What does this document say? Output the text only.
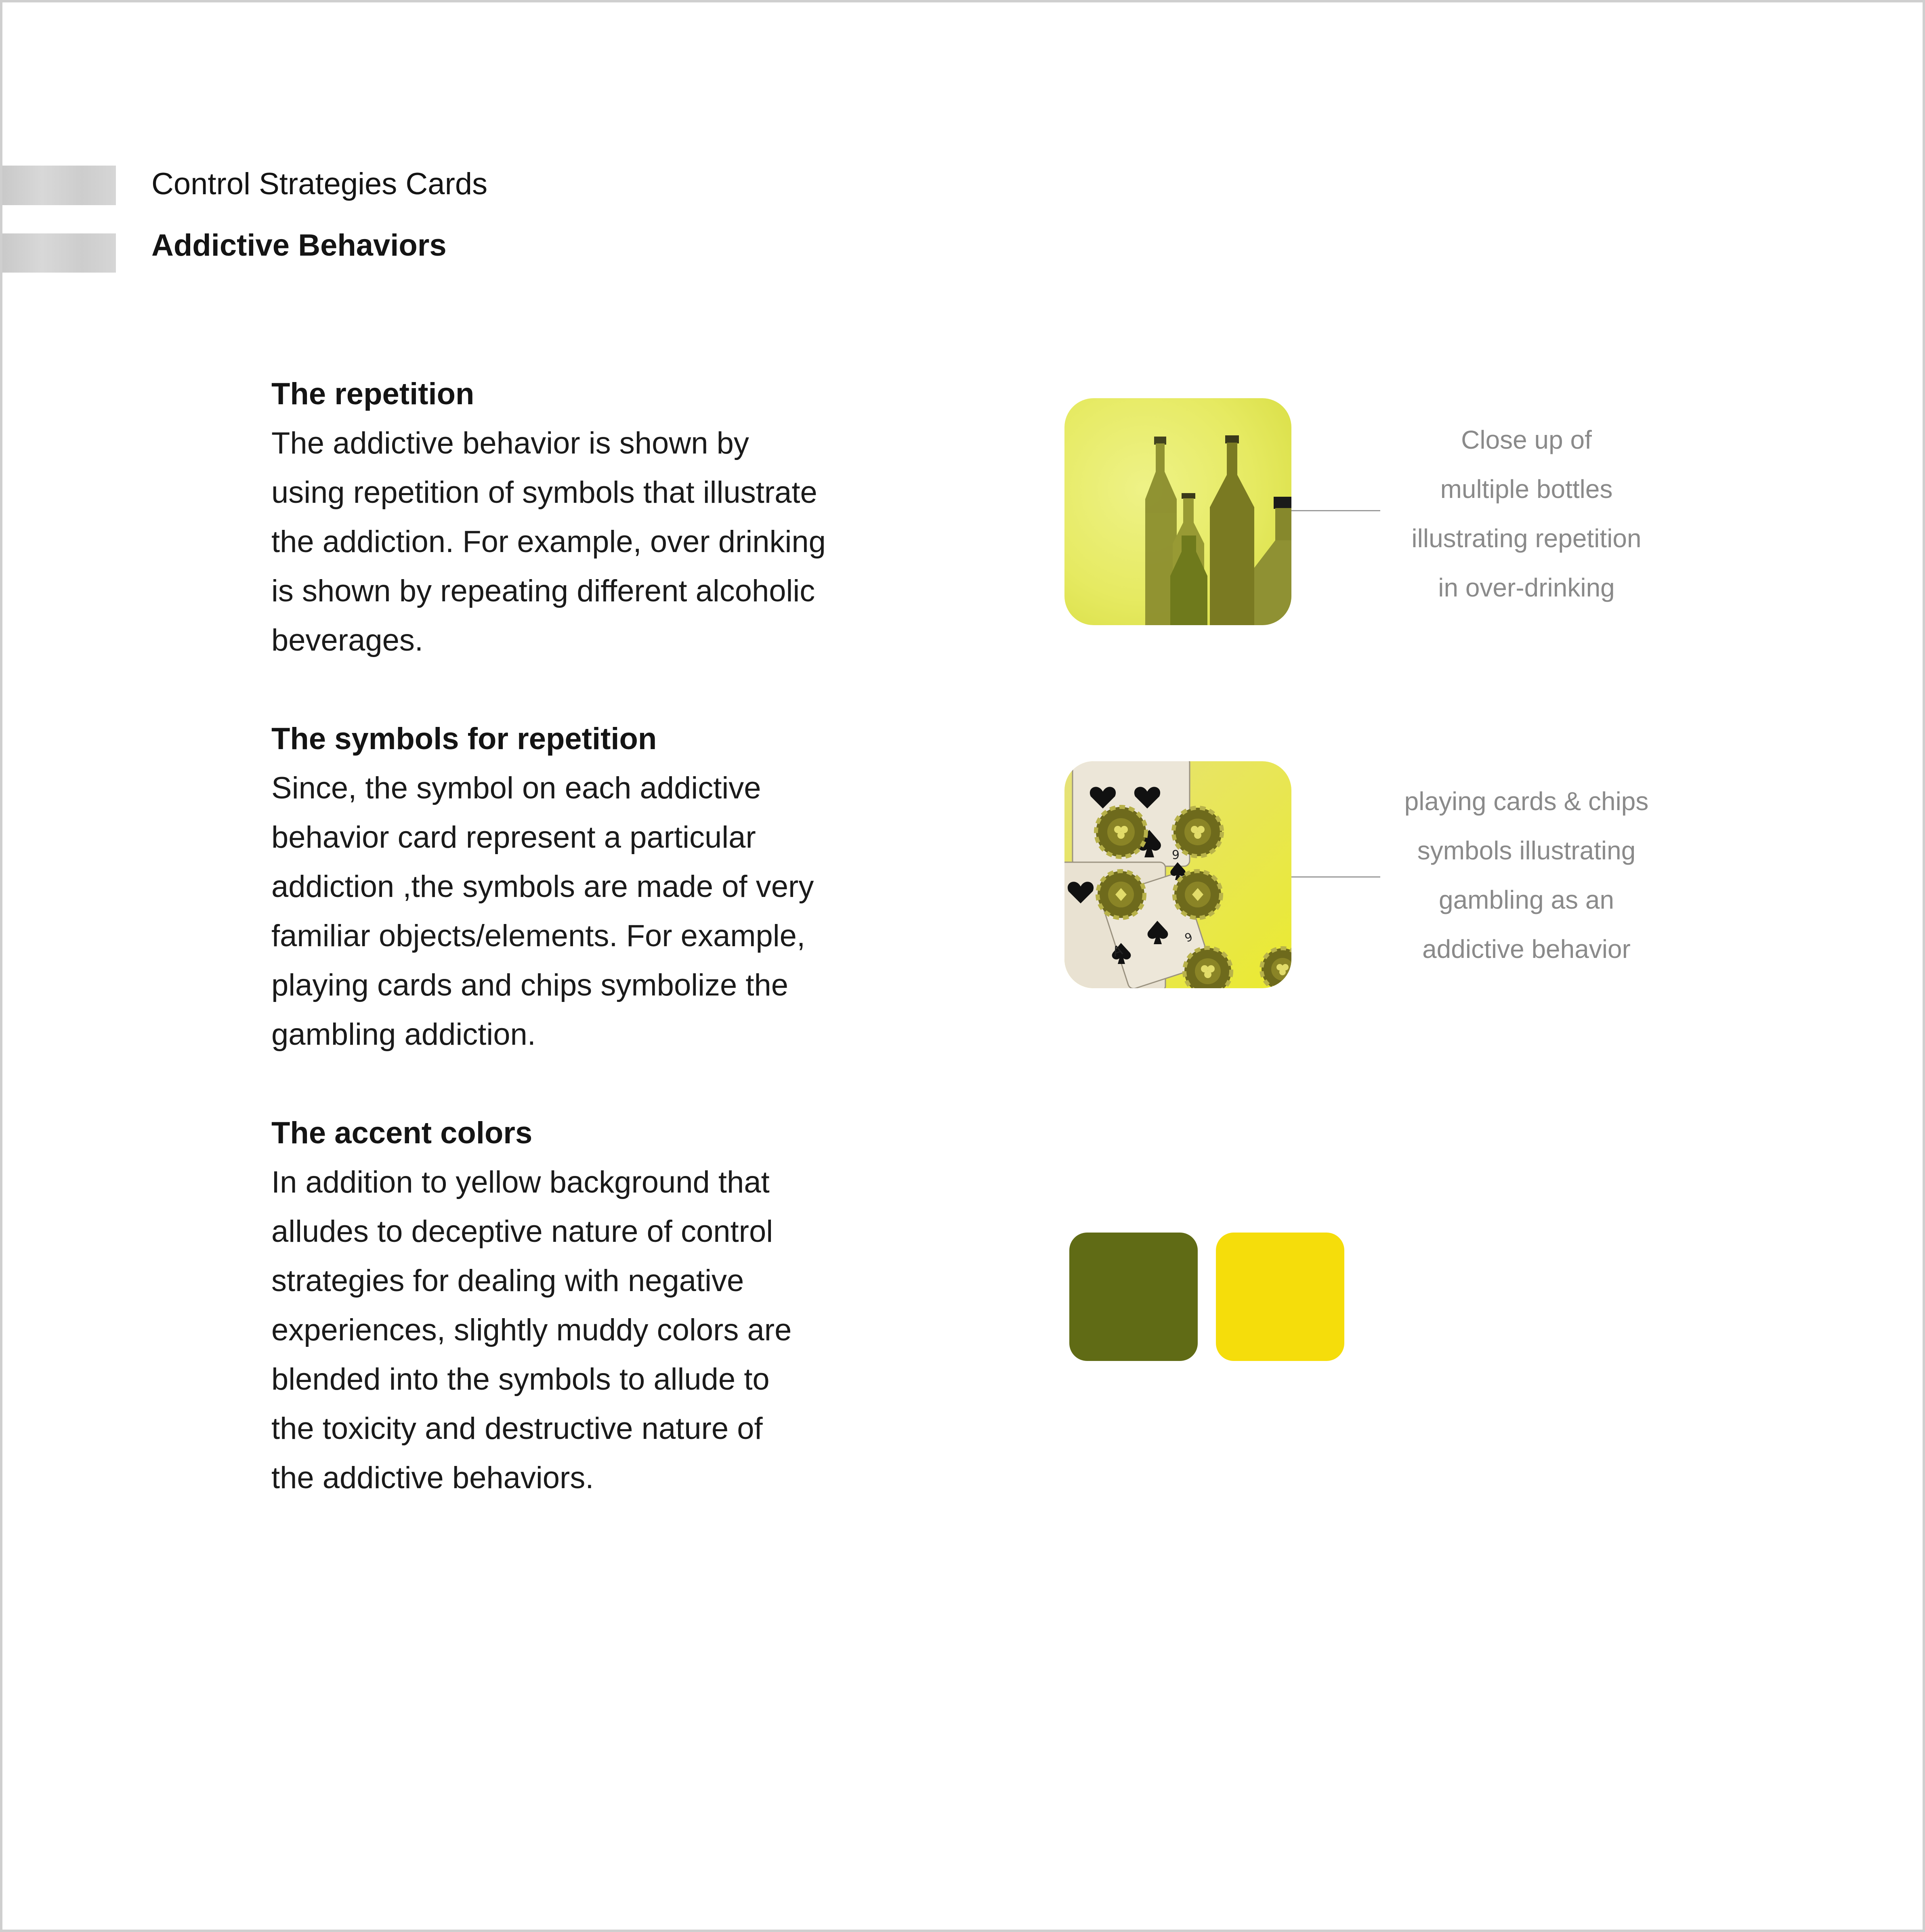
Control Strategies Cards
Addictive Behaviors
The repetition

The addictive behavior is shown by
using repetition of symbols that illustrate
the addiction. For example, over drinking
is shown by repeating different alcoholic
beverages.

The symbols for repetition

Since, the symbol on each addictive
behavior card represent a particular
addiction ,the symbols are made of very
familiar objects/elements. For example,
playing cards and chips symbolize the
gambling addiction.

The accent colors

In addition to yellow background that
alludes to deceptive nature of control
strategies for dealing with negative
experiences, slightly muddy colors are
blended into the symbols to allude to
the toxicity and destructive nature of
the addictive behaviors.

Close up of
multiple bottles
illustrating repetition
in over-drinking
A
6
6
playing cards & chips
symbols illustrating
gambling as an
addictive behavior
